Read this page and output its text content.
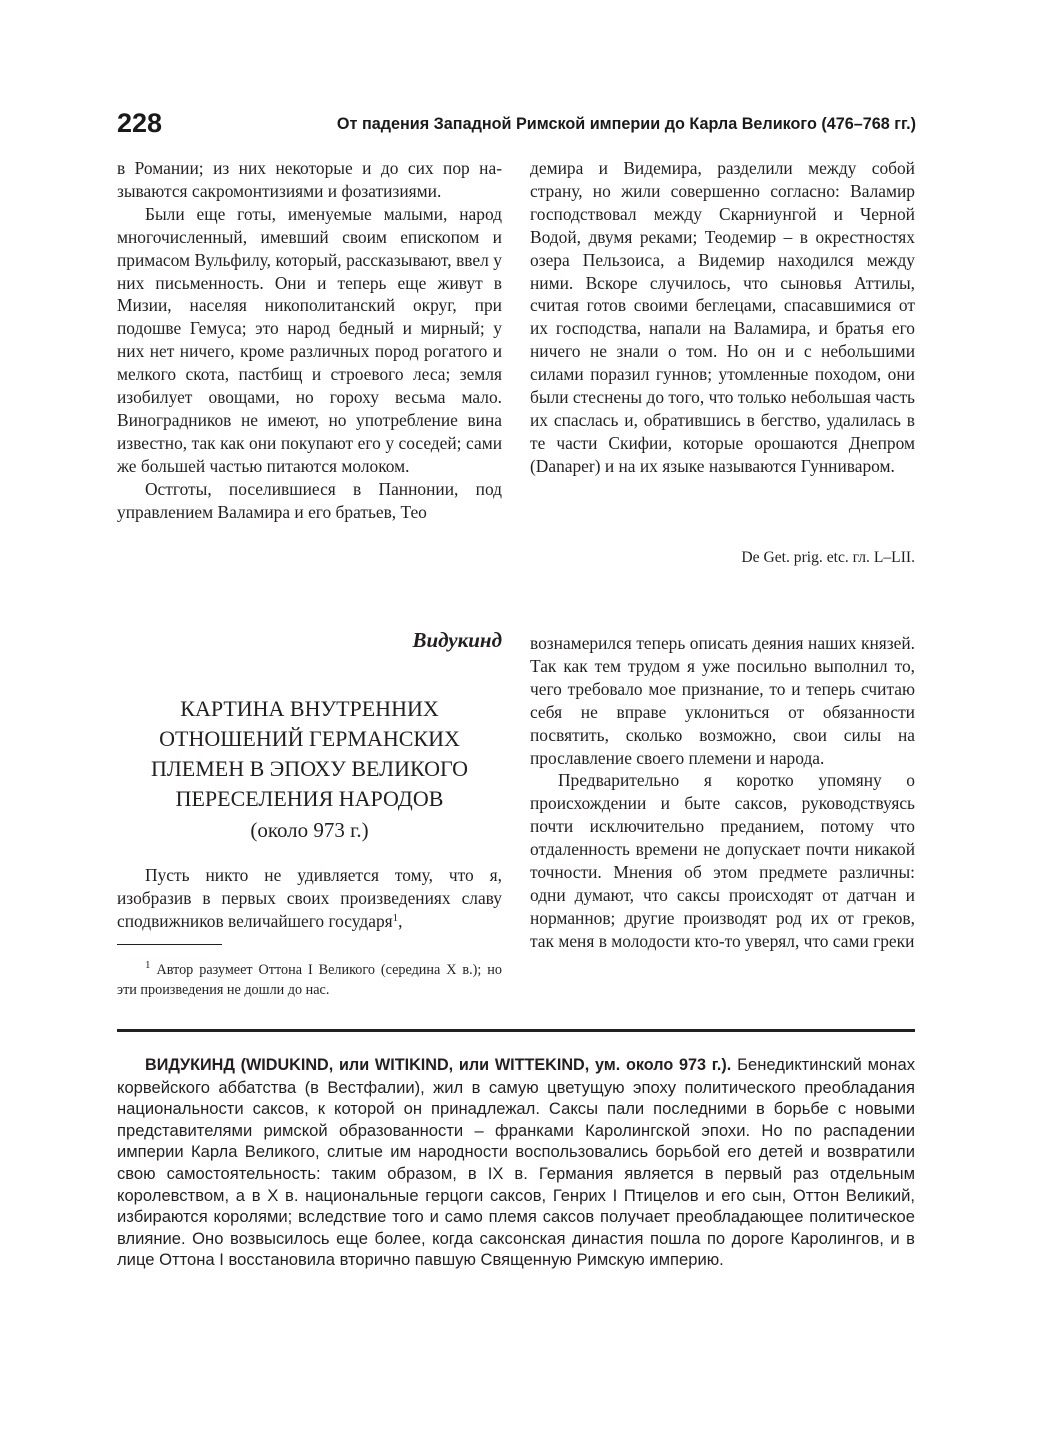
228	От падения Западной Римской империи до Карла Великого (476–768 гг.)

в Романии; из них некоторые и до сих пор называются сакромонтизиями и фозатизиями.

Были еще готы, именуемые малыми, народ многочисленный, имевший своим епископом и примасом Вульфилу, который, рассказывают, ввел у них письменность. Они и теперь еще живут в Мизии, населяя никополитанский округ, при подошве Гемуса; это народ бедный и мирный; у них нет ничего, кроме различных пород рогатого и мелкого скота, пастбищ и строевого леса; земля изобилует овощами, но гороху весьма мало. Виноградников не имеют, но употребление вина известно, так как они покупают его у соседей; сами же большей частью питаются молоком.

Остготы, поселившиеся в Паннонии, под управлением Валамира и его братьев, Тео

демира и Видемира, разделили между собой страну, но жили совершенно согласно: Валамир господствовал между Скарниунгой и Черной Водой, двумя реками; Теодемир – в окрестностях озера Пельзоиса, а Видемир находился между ними. Вскоре случилось, что сыновья Аттилы, считая готов своими беглецами, спасавшимися от их господства, напали на Валамира, и братья его ничего не знали о том. Но он и с небольшими силами поразил гуннов; утомленные походом, они были стеснены до того, что только небольшая часть их спаслась и, обратившись в бегство, удалилась в те части Скифии, которые орошаются Днепром (Danaper) и на их языке называются Гунниваром.

De Get. prig. etc. гл. L–LII.
Видукинд
КАРТИНА ВНУТРЕННИХ
ОТНОШЕНИЙ ГЕРМАНСКИХ
ПЛЕМЕН В ЭПОХУ ВЕЛИКОГО
ПЕРЕСЕЛЕНИЯ НАРОДОВ
(около 973 г.)

Пусть никто не удивляется тому, что я, изобразив в первых своих произведениях славу сподвижников величайшего государя$^1$,

$^1$ Автор разумеет Оттона I Великого (середина X в.); но эти произведения не дошли до нас.

вознамерился теперь описать деяния наших князей. Так как тем трудом я уже посильно выполнил то, чего требовало мое признание, то и теперь считаю себя не вправе уклониться от обязанности посвятить, сколько возможно, свои силы на прославление своего племени и народа.

Предварительно я коротко упомяну о происхождении и быте саксов, руководствуясь почти исключительно преданием, потому что отдаленность времени не допускает почти никакой точности. Мнения об этом предмете различны: одни думают, что саксы происходят от датчан и норманнов; другие производят род их от греков, так меня в молодости кто-то уверял, что сами греки

ВИДУКИНД (WIDUKIND, или WITIKIND, или WITTEKIND, ум. около 973 г.). Бенедиктинский монах корвейского аббатства (в Вестфалии), жил в самую цветущую эпоху политического преобладания национальности саксов, к которой он принадлежал. Саксы пали последними в борьбе с новыми представителями римской образованности – франками Каролингской эпохи. Но по распадении империи Карла Великого, слитые им народности воспользовались борьбой его детей и возвратили свою самостоятельность: таким образом, в IX в. Германия является в первый раз отдельным королевством, а в X в. национальные герцоги саксов, Генрих I Птицелов и его сын, Оттон Великий, избираются королями; вследствие того и само племя саксов получает преобладающее политическое влияние. Оно возвысилось еще более, когда саксонская династия пошла по дороге Каролингов, и в лице Оттона I восстановила вторично павшую Священную Римскую империю.
